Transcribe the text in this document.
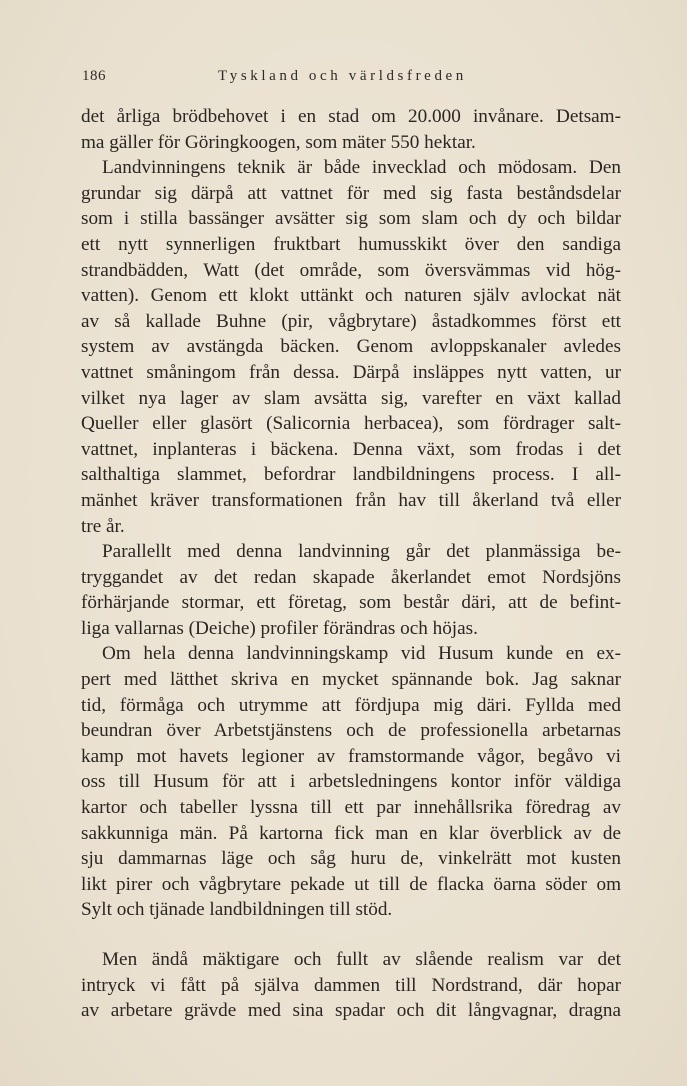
186	Tyskland och världsfreden
det årliga brödbehovet i en stad om 20.000 invånare. Detsam-
ma gäller för Göringkoogen, som mäter 550 hektar.
Landvinningens teknik är både invecklad och mödosam. Den
grundar sig därpå att vattnet för med sig fasta beståndsdelar
som i stilla bassänger avsätter sig som slam och dy och bildar
ett nytt synnerligen fruktbart humusskikt över den sandiga
strandbädden, Watt (det område, som översvämmas vid hög-
vatten). Genom ett klokt uttänkt och naturen själv avlockat nät
av så kallade Buhne (pir, vågbrytare) åstadkommes först ett
system av avstängda bäcken. Genom avloppskanaler avledes
vattnet småningom från dessa. Därpå insläppes nytt vatten, ur
vilket nya lager av slam avsätta sig, varefter en växt kallad
Queller eller glasört (Salicornia herbacea), som fördrager salt-
vattnet, inplanteras i bäckena. Denna växt, som frodas i det
salthaltiga slammet, befordrar landbildningens process. I all-
mänhet kräver transformationen från hav till åkerland två eller
tre år.
Parallellt med denna landvinning går det planmässiga be-
tryggandet av det redan skapade åkerlandet emot Nordsjöns
förhärjande stormar, ett företag, som består däri, att de befint-
liga vallarnas (Deiche) profiler förändras och höjas.
Om hela denna landvinningskamp vid Husum kunde en ex-
pert med lätthet skriva en mycket spännande bok. Jag saknar
tid, förmåga och utrymme att fördjupa mig däri. Fyllda med
beundran över Arbetstjänstens och de professionella arbetarnas
kamp mot havets legioner av framstormande vågor, begåvo vi
oss till Husum för att i arbetsledningens kontor inför väldiga
kartor och tabeller lyssna till ett par innehållsrika föredrag av
sakkunniga män. På kartorna fick man en klar överblick av de
sju dammarnas läge och såg huru de, vinkelrätt mot kusten
likt pirer och vågbrytare pekade ut till de flacka öarna söder om
Sylt och tjänade landbildningen till stöd.
Men ändå mäktigare och fullt av slående realism var det
intryck vi fått på själva dammen till Nordstrand, där hopar
av arbetare grävde med sina spadar och dit långvagnar, dragna
